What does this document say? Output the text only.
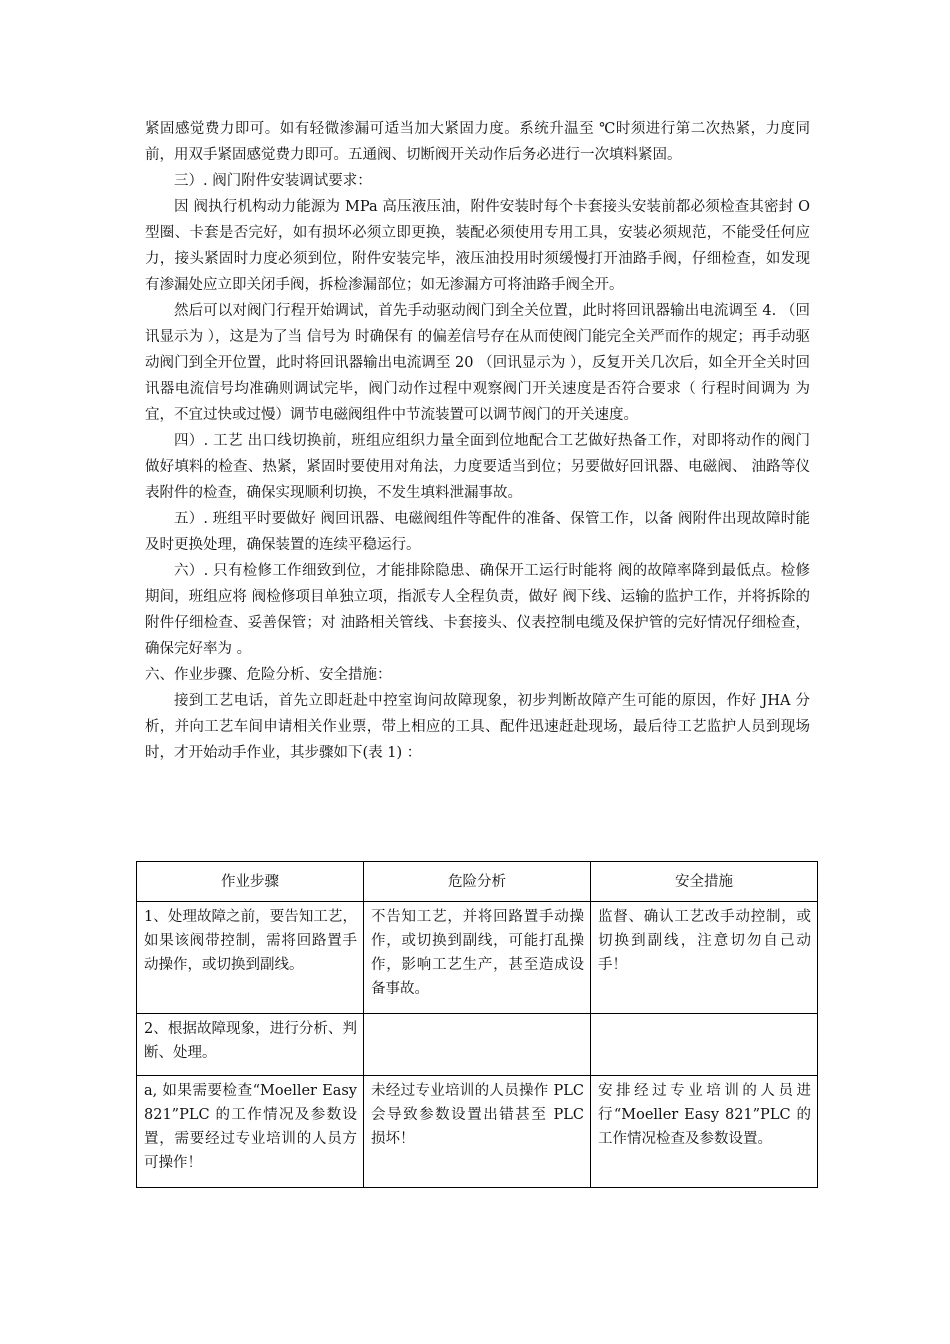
紧固感觉费力即可。如有轻微渗漏可适当加大紧固力度。系统升温至 ℃时须进行第二次热紧，力度同前，用双手紧固感觉费力即可。五通阀、切断阀开关动作后务必进行一次填料紧固。

三）. 阀门附件安装调试要求：

因 阀执行机构动力能源为 MPa 高压液压油，附件安装时每个卡套接头安装前都必须检查其密封 O 型圈、卡套是否完好，如有损坏必须立即更换，装配必须使用专用工具，安装必须规范，不能受任何应力，接头紧固时力度必须到位，附件安装完毕，液压油投用时须缓慢打开油路手阀，仔细检查，如发现有渗漏处应立即关闭手阀，拆检渗漏部位；如无渗漏方可将油路手阀全开。

然后可以对阀门行程开始调试，首先手动驱动阀门到全关位置，此时将回讯器输出电流调至 4. （回讯显示为 ），这是为了当 信号为 时确保有 的偏差信号存在从而使阀门能完全关严而作的规定；再手动驱动阀门到全开位置，此时将回讯器输出电流调至 20 （回讯显示为 ），反复开关几次后，如全开全关时回讯器电流信号均准确则调试完毕，阀门动作过程中观察阀门开关速度是否符合要求（ 行程时间调为 为宜，不宜过快或过慢）调节电磁阀组件中节流装置可以调节阀门的开关速度。

四）. 工艺 出口线切换前，班组应组织力量全面到位地配合工艺做好热备工作，对即将动作的阀门做好填料的检查、热紧，紧固时要使用对角法，力度要适当到位；另要做好回讯器、电磁阀、 油路等仪表附件的检查，确保实现顺利切换，不发生填料泄漏事故。

五）. 班组平时要做好 阀回讯器、电磁阀组件等配件的准备、保管工作，以备 阀附件出现故障时能及时更换处理，确保装置的连续平稳运行。

六）. 只有检修工作细致到位，才能排除隐患、确保开工运行时能将 阀的故障率降到最低点。检修期间，班组应将 阀检修项目单独立项，指派专人全程负责，做好 阀下线、运输的监护工作，并将拆除的附件仔细检查、妥善保管；对 油路相关管线、卡套接头、仪表控制电缆及保护管的完好情况仔细检查，确保完好率为 。

六、作业步骤、危险分析、安全措施：

接到工艺电话，首先立即赶赴中控室询问故障现象，初步判断故障产生可能的原因，作好 JHA 分析，并向工艺车间申请相关作业票，带上相应的工具、配件迅速赶赴现场，最后待工艺监护人员到现场时，才开始动手作业，其步骤如下(表 1) ：

作业步骤	危险分析	安全措施
1、处理故障之前，要告知工艺，如果该阀带控制，需将回路置手动操作，或切换到副线。	不告知工艺，并将回路置手动操作，或切换到副线，可能打乱操作，影响工艺生产，甚至造成设备事故。	监督、确认工艺改手动控制，或切换到副线，注意切勿自己动手！
2、根据故障现象，进行分析、判断、处理。		
a, 如果需要检查“Moeller Easy 821”PLC 的工作情况及参数设置，需要经过专业培训的人员方可操作！	未经过专业培训的人员操作 PLC 会导致参数设置出错甚至 PLC 损坏！	安排经过专业培训的人员进行“Moeller Easy 821”PLC 的工作情况检查及参数设置。
